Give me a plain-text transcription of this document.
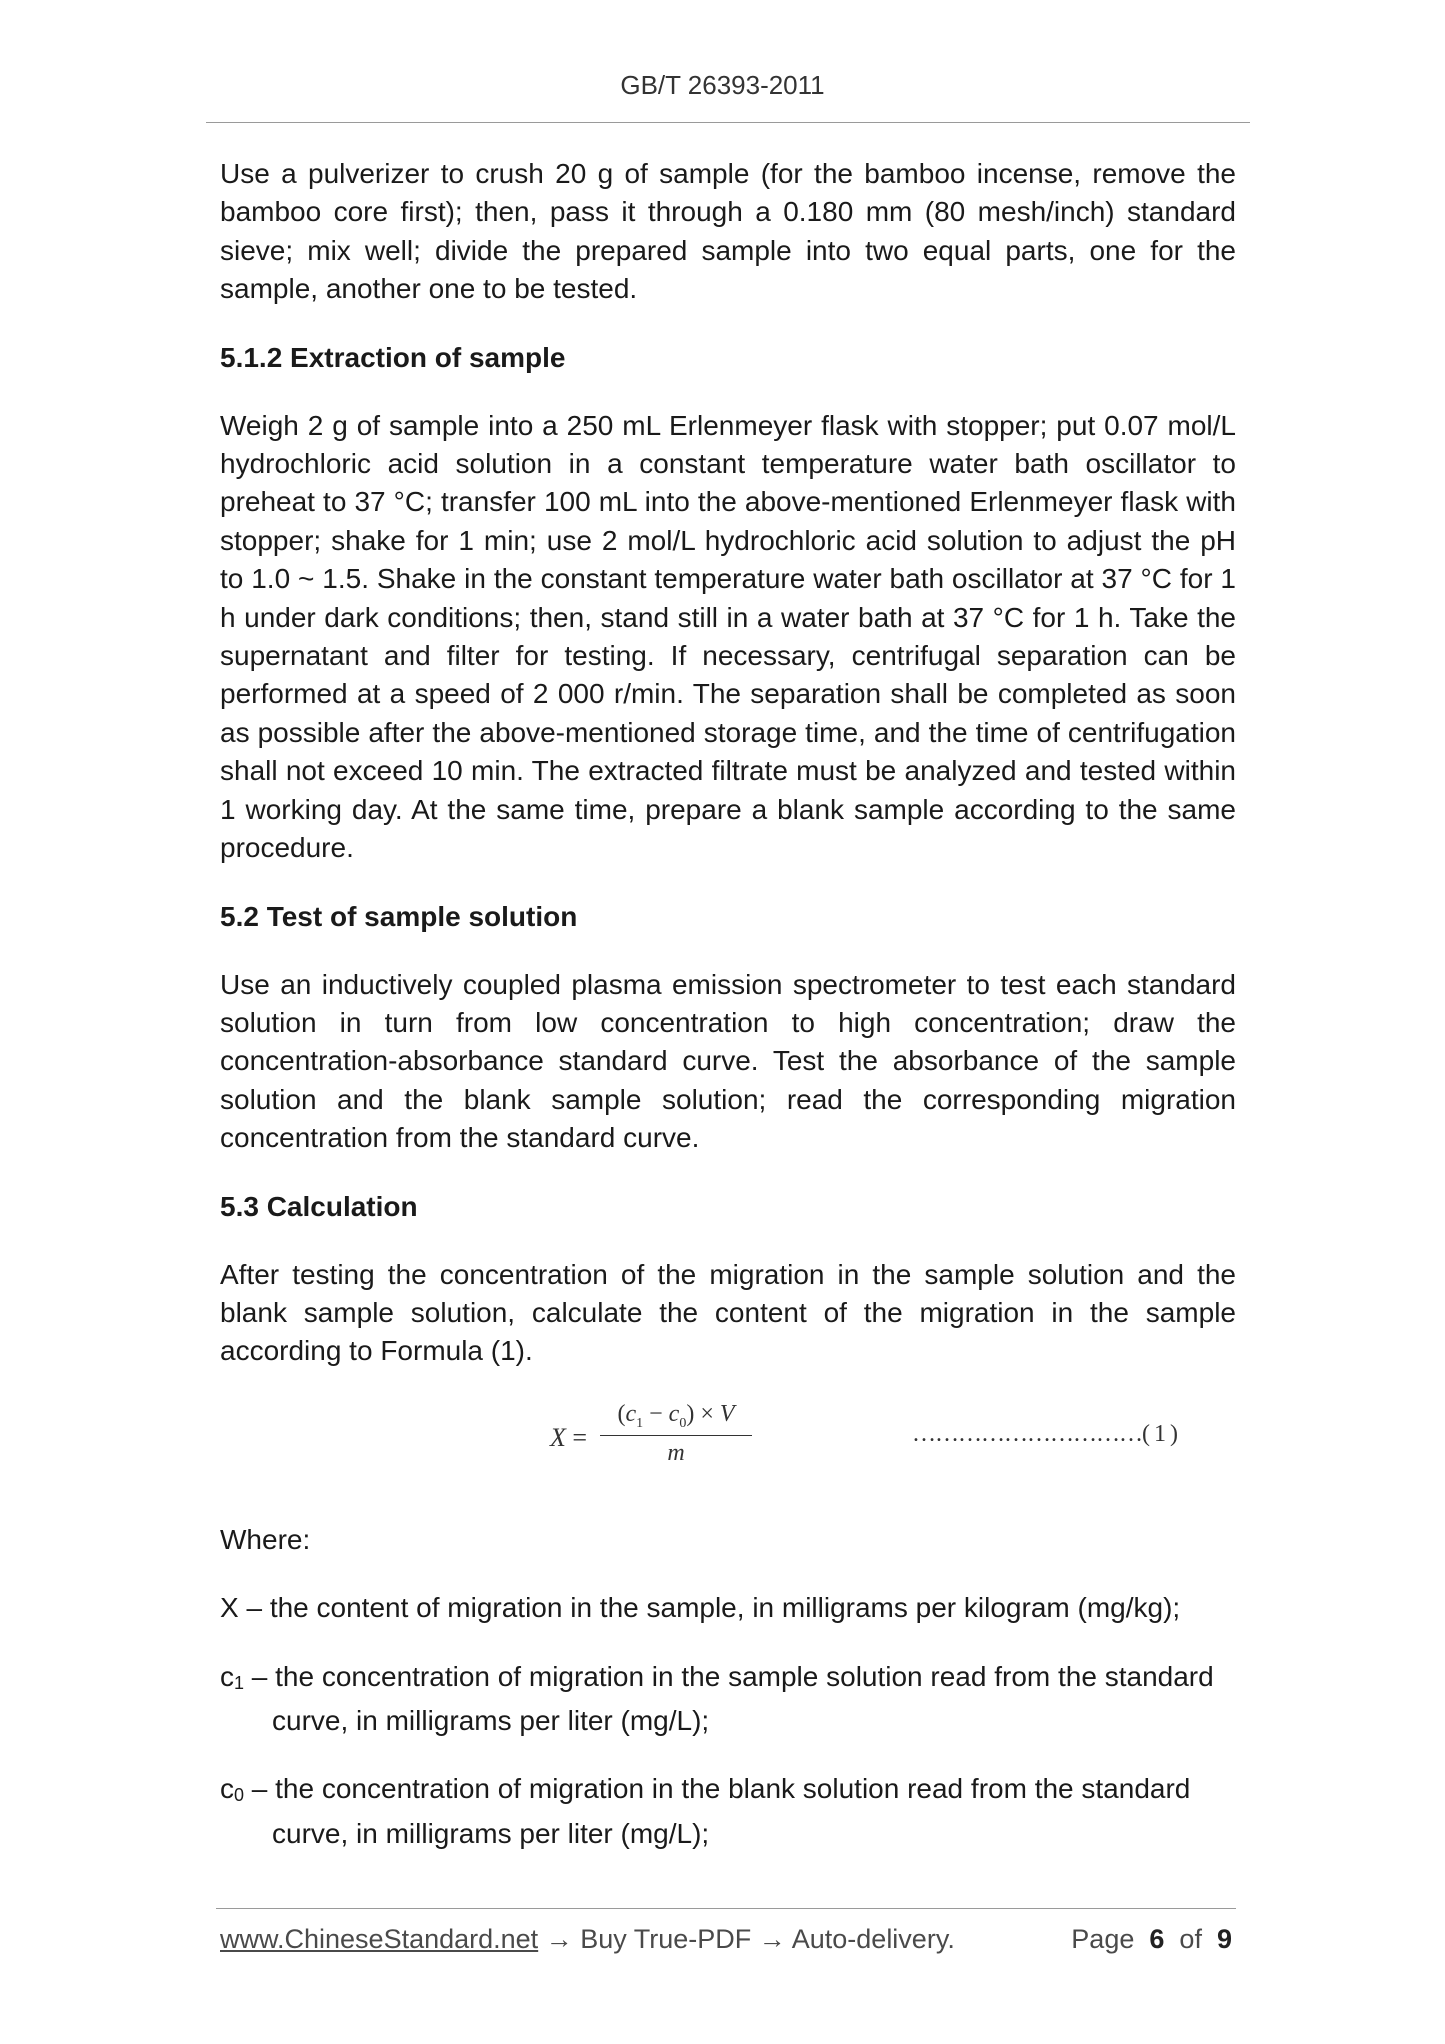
GB/T 26393-2011

Use a pulverizer to crush 20 g of sample (for the bamboo incense, remove the bamboo core first); then, pass it through a 0.180 mm (80 mesh/inch) standard sieve; mix well; divide the prepared sample into two equal parts, one for the sample, another one to be tested.

5.1.2 Extraction of sample

Weigh 2 g of sample into a 250 mL Erlenmeyer flask with stopper; put 0.07 mol/L hydrochloric acid solution in a constant temperature water bath oscillator to preheat to 37 °C; transfer 100 mL into the above-mentioned Erlenmeyer flask with stopper; shake for 1 min; use 2 mol/L hydrochloric acid solution to adjust the pH to 1.0 ~ 1.5. Shake in the constant temperature water bath oscillator at 37 °C for 1 h under dark conditions; then, stand still in a water bath at 37 °C for 1 h. Take the supernatant and filter for testing. If necessary, centrifugal separation can be performed at a speed of 2 000 r/min. The separation shall be completed as soon as possible after the above-mentioned storage time, and the time of centrifugation shall not exceed 10 min. The extracted filtrate must be analyzed and tested within 1 working day. At the same time, prepare a blank sample according to the same procedure.

5.2 Test of sample solution

Use an inductively coupled plasma emission spectrometer to test each standard solution in turn from low concentration to high concentration; draw the concentration-absorbance standard curve. Test the absorbance of the sample solution and the blank sample solution; read the corresponding migration concentration from the standard curve.

5.3 Calculation

After testing the concentration of the migration in the sample solution and the blank sample solution, calculate the content of the migration in the sample according to Formula (1).

X =
$(c_1 - c_0) \times V$
m
…………………………( 1 )

Where:

X – the content of migration in the sample, in milligrams per kilogram (mg/kg);

$c_1$ – the concentration of migration in the sample solution read from the standard curve, in milligrams per liter (mg/L);

$c_0$ – the concentration of migration in the blank solution read from the standard curve, in milligrams per liter (mg/L);

www.ChineseStandard.net → Buy True-PDF → Auto-delivery.	Page 6 of 9
